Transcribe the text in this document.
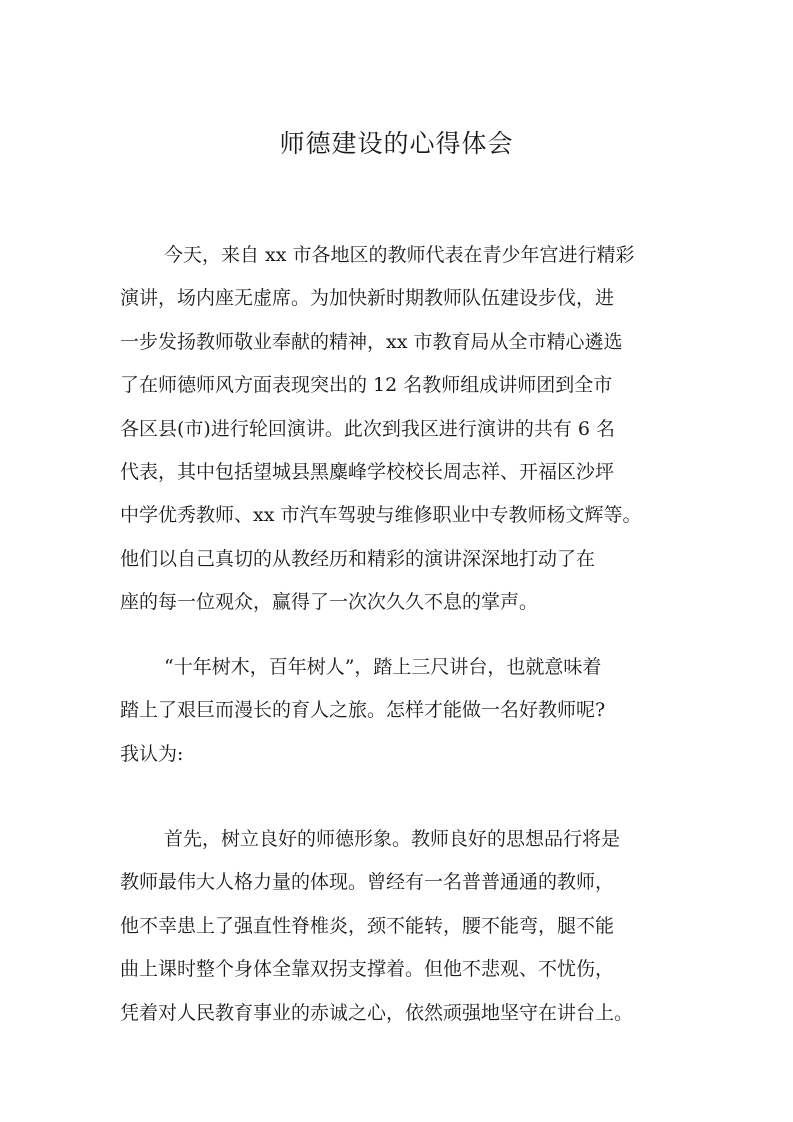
师德建设的心得体会
今天，来自 xx 市各地区的教师代表在青少年宫进行精彩
演讲，场内座无虚席。为加快新时期教师队伍建设步伐，进
一步发扬教师敬业奉献的精神，xx 市教育局从全市精心遴选
了在师德师风方面表现突出的 12 名教师组成讲师团到全市
各区县(市)进行轮回演讲。此次到我区进行演讲的共有 6 名
代表，其中包括望城县黑麋峰学校校长周志祥、开福区沙坪
中学优秀教师、xx 市汽车驾驶与维修职业中专教师杨文辉等。
他们以自己真切的从教经历和精彩的演讲深深地打动了在
座的每一位观众，赢得了一次次久久不息的掌声。
“十年树木，百年树人”，踏上三尺讲台，也就意味着
踏上了艰巨而漫长的育人之旅。怎样才能做一名好教师呢?
我认为:
首先，树立良好的师德形象。教师良好的思想品行将是
教师最伟大人格力量的体现。曾经有一名普普通通的教师，
他不幸患上了强直性脊椎炎，颈不能转，腰不能弯，腿不能
曲上课时整个身体全靠双拐支撑着。但他不悲观、不忧伤，
凭着对人民教育事业的赤诚之心，依然顽强地坚守在讲台上。
